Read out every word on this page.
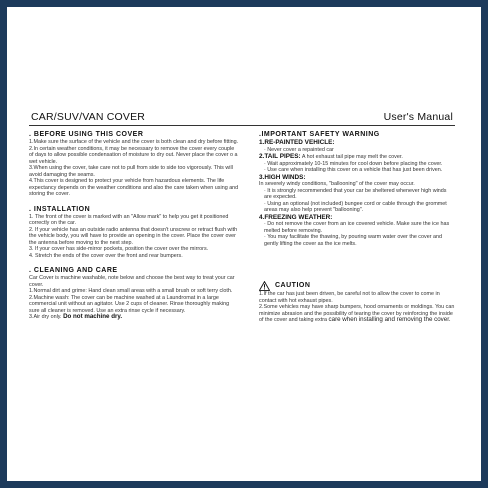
CAR/SUV/VAN COVER	User's Manual
. BEFORE USING THIS COVER

1.Make sure the surface of the vehicle and the cover is both clean and dry before fitting.

2.In certain weather conditions, it may be necessary to remove the cover every couple of days to allow possible condensation of moisture to dry out. Never place the cover o a wet vehicle.

3.When using the cover, take care not to pull from side to side too vigorously. This will avoid damaging the seams.

4.This cover is designed to protect your vehicle from hazardous elements. The life expectancy depends on the weather conditions and also the care taken when using and storing the cover.

. INSTALLATION

1. The front of the cover is marked with an "Allow mark" to help you get it positioned correctly on the car.

2. If your vehicle has an outside radio antenna that doesn't unscrew or retract flush with the vehicle body, you will have to provide an opening in the cover. Place the cover over the antenna before moving to the next step.

3. If your cover has side-mirror pockets, position the cover over the mirrors.

4. Stretch the ends of the cover over the front and rear bumpers.

. CLEANING AND CARE

Car Cover is machine washable, note below and choose the best way to treat your car cover.

1.Normal dirt and grime: Hand clean small areas with a small brush or soft terry cloth.

2.Machine wash: The cover can be machine washed at a Laundromat in a large commercial unit without an agitator. Use 2 cups of cleaner. Rinse thoroughly making sure all cleaner is removed. Use an extra rinse cycle if necessary.

3.Air dry only. Do not machine dry.

.IMPORTANT SAFETY WARNING
1.RE-PAINTED VEHICLE:

· Never cover a repainted car

2.TAIL PIPES: A hot exhaust tail pipe may melt the cover.

· Wait approximately 10-15 minutes for cool down before placing the cover.

· Use care when installing this cover on a vehicle that has just been driven.

3.HIGH WINDS:

In severely windy conditions, "ballooning" of the cover may occur.

· It is strongly recommended that your car be sheltered whenever high winds are expected.

· Using an optional (not included) bungee cord or cable through the grommet areas may also help prevent "ballooning".

4.FREEZING WEATHER:

· Do not remove the cover from an ice covered vehicle. Make sure the ice has melted before removing.

· You may facilitate the thawing, by pouring warm water over the cover and gently lifting the cover as the ice melts.

CAUTION

1.If the car has just been driven, be careful not to allow the cover to come in contact with hot exhaust pipes.

2.Some vehicles may have sharp bumpers, hood ornaments or moldings. You can minimize abrasion and the possibility of tearing the cover by reinforcing the inside of the cover and taking extra care when installing and removing the cover.
